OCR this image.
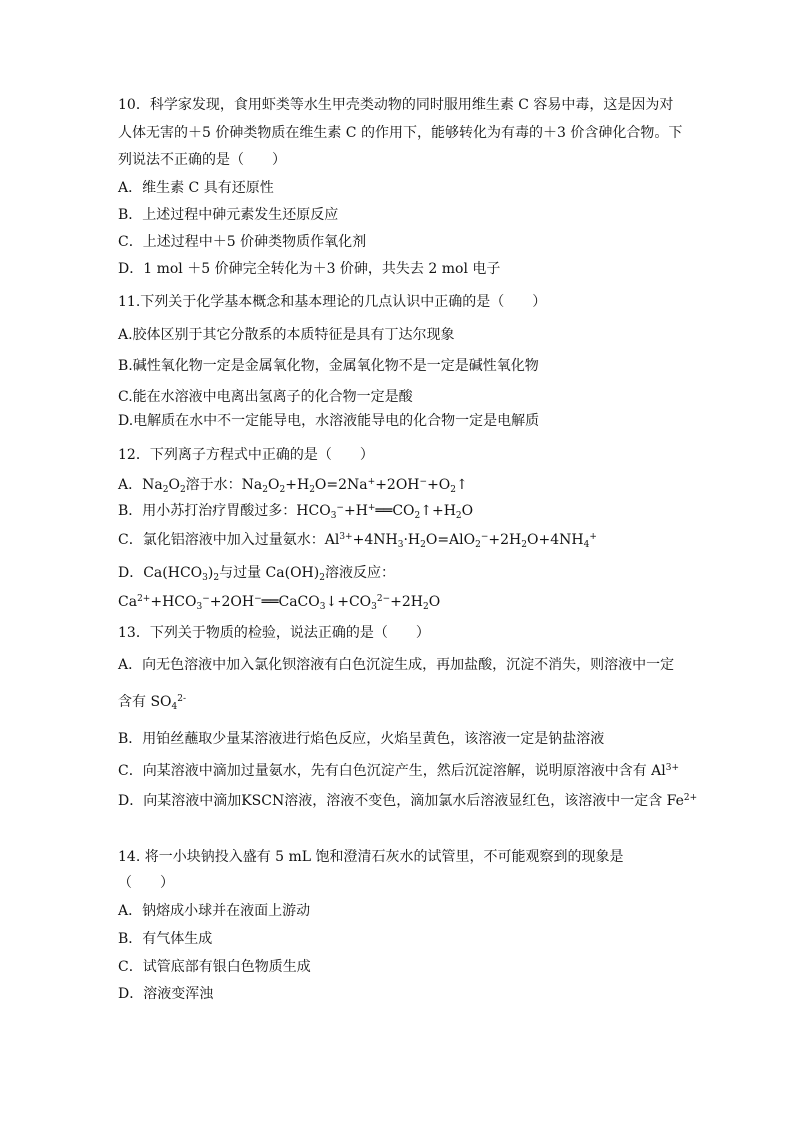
10．科学家发现，食用虾类等水生甲壳类动物的同时服用维生素 C 容易中毒，这是因为对
人体无害的＋5 价砷类物质在维生素 C 的作用下，能够转化为有毒的＋3 价含砷化合物。下
列说法不正确的是（　　）
A．维生素 C 具有还原性
B．上述过程中砷元素发生还原反应
C．上述过程中＋5 价砷类物质作氧化剂
D．1 mol ＋5 价砷完全转化为＋3 价砷，共失去 2 mol 电子
11.下列关于化学基本概念和基本理论的几点认识中正确的是（　　）
A.胶体区别于其它分散系的本质特征是具有丁达尔现象
B.碱性氧化物一定是金属氧化物，金属氧化物不是一定是碱性氧化物
C.能在水溶液中电离出氢离子的化合物一定是酸
D.电解质在水中不一定能导电，水溶液能导电的化合物一定是电解质
12．下列离子方程式中正确的是（　　）
A．$Na_2O_2$溶于水：$Na_2O_2+H_2O=2Na^++2OH^-+O_2↑$
B．用小苏打治疗胃酸过多：$HCO_3^-+H^+══CO_2↑+H_2O$
C．氯化铝溶液中加入过量氨水：$Al^{3+}+4NH_3\cdot H_2O=AlO_2^-+2H_2O+4NH_4^+$
D．$Ca(HCO_3)_2$与过量 $Ca(OH)_2$溶液反应：
$Ca^{2+}+HCO_3^-+2OH^-══CaCO_3↓+CO_3^{2-}+2H_2O$
13．下列关于物质的检验，说法正确的是（　　）
A．向无色溶液中加入氯化钡溶液有白色沉淀生成，再加盐酸，沉淀不消失，则溶液中一定
含有 $SO_4^{2-}$
B．用铂丝蘸取少量某溶液进行焰色反应，火焰呈黄色，该溶液一定是钠盐溶液
C．向某溶液中滴加过量氨水，先有白色沉淀产生，然后沉淀溶解，说明原溶液中含有 $Al^{3+}$
D．向某溶液中滴加KSCN溶液，溶液不变色，滴加氯水后溶液显红色，该溶液中一定含 $Fe^{2+}$
14. 将一小块钠投入盛有 5 mL 饱和澄清石灰水的试管里，不可能观察到的现象是
（　　）
A．钠熔成小球并在液面上游动
B．有气体生成
C．试管底部有银白色物质生成
D．溶液变浑浊
